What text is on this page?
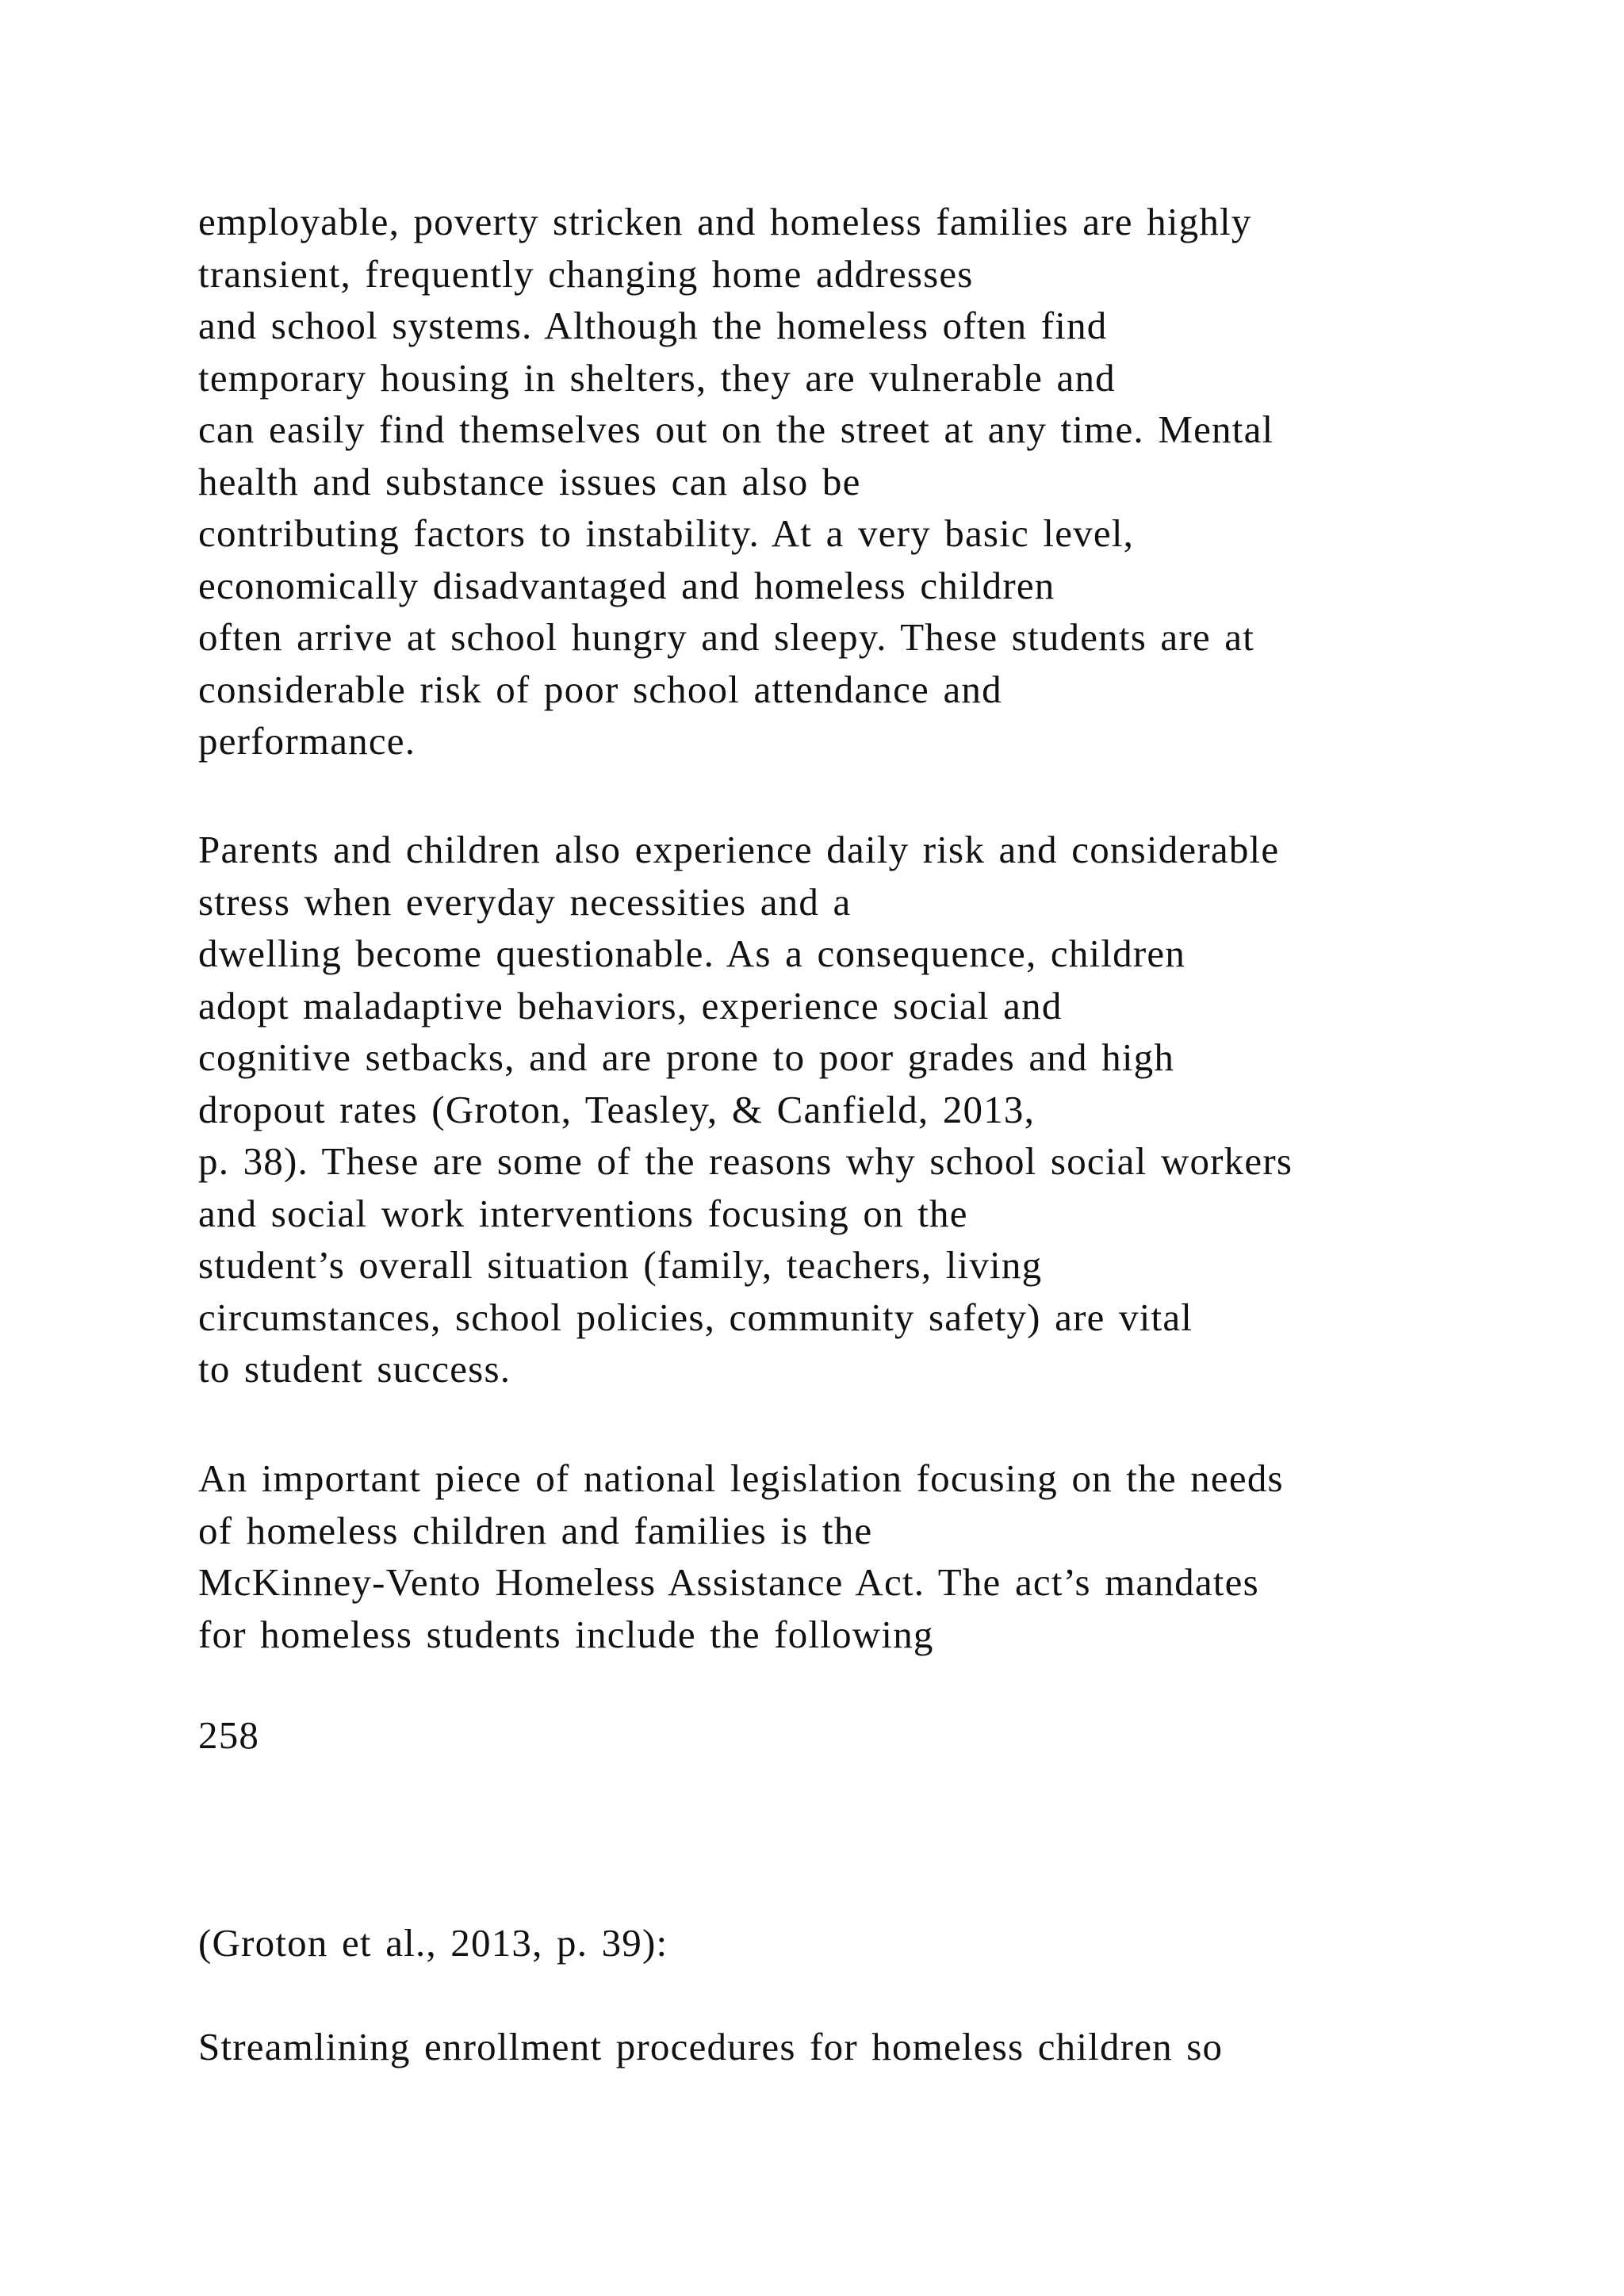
employable, poverty stricken and homeless families are highly
transient, frequently changing home addresses
and school systems. Although the homeless often find
temporary housing in shelters, they are vulnerable and
can easily find themselves out on the street at any time. Mental
health and substance issues can also be
contributing factors to instability. At a very basic level,
economically disadvantaged and homeless children
often arrive at school hungry and sleepy. These students are at
considerable risk of poor school attendance and
performance.
Parents and children also experience daily risk and considerable
stress when everyday necessities and a
dwelling become questionable. As a consequence, children
adopt maladaptive behaviors, experience social and
cognitive setbacks, and are prone to poor grades and high
dropout rates (Groton, Teasley, & Canfield, 2013,
p. 38). These are some of the reasons why school social workers
and social work interventions focusing on the
student’s overall situation (family, teachers, living
circumstances, school policies, community safety) are vital
to student success.
An important piece of national legislation focusing on the needs
of homeless children and families is the
McKinney-Vento Homeless Assistance Act. The act’s mandates
for homeless students include the following
258
(Groton et al., 2013, p. 39):
Streamlining enrollment procedures for homeless children so
